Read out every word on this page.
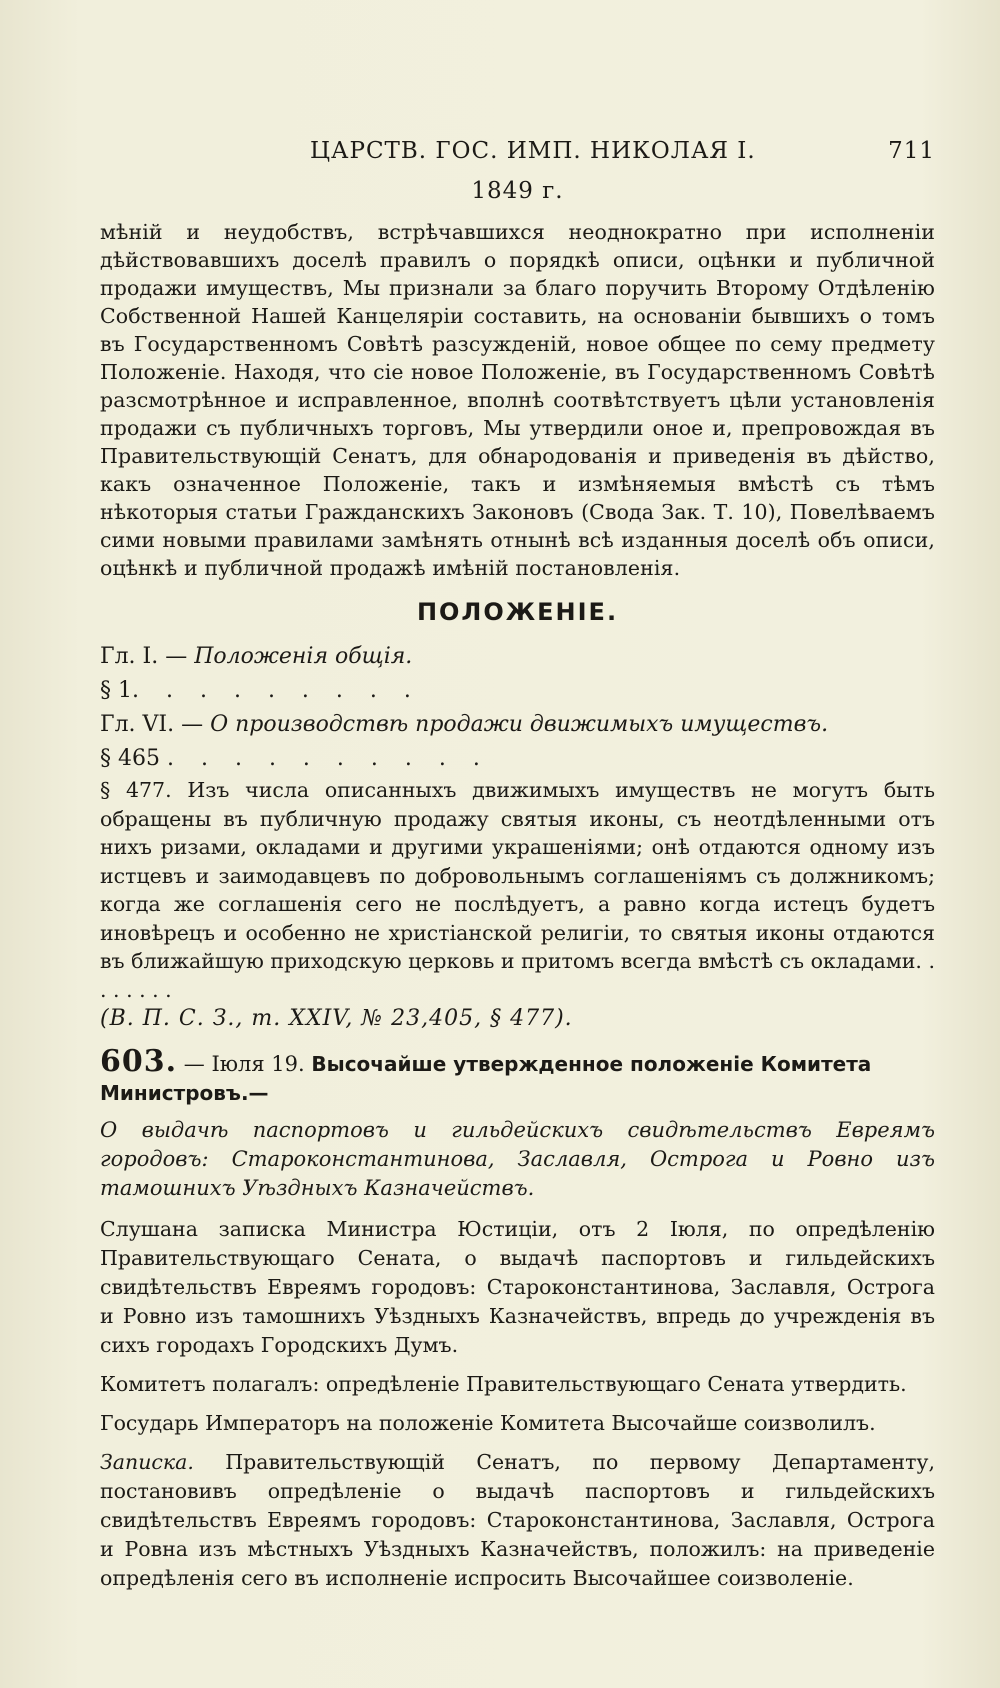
ЦАРСТВ. ГОС. ИМП. НИКОЛАЯ I.	711
1849 г.

мѣній и неудобствъ, встрѣчавшихся неоднократно при исполненіи дѣйствовавшихъ доселѣ правилъ о порядкѣ описи, оцѣнки и публичной продажи имуществъ, Мы признали за благо поручить Второму Отдѣленію Собственной Нашей Канцеляріи составить, на основаніи бывшихъ о томъ въ Государственномъ Совѣтѣ разсужденій, новое общее по сему предмету Положеніе. Находя, что сіе новое Положеніе, въ Государственномъ Совѣтѣ разсмотрѣнное и исправленное, вполнѣ соотвѣтствуетъ цѣли установленія продажи съ публичныхъ торговъ, Мы утвердили оное и, препровождая въ Правительствующій Сенатъ, для обнародованія и приведенія въ дѣйство, какъ означенное Положеніе, такъ и измѣняемыя вмѣстѣ съ тѣмъ нѣкоторыя статьи Гражданскихъ Законовъ (Свода Зак. Т. 10), Повелѣваемъ сими новыми правилами замѣнять отнынѣ всѣ изданныя доселѣ объ описи, оцѣнкѣ и публичной продажѣ имѣній постановленія.

ПОЛОЖЕНІЕ.

Гл. I. — Положенія общія.

§ 1. . . . . . . . .

Гл. VI. — О производствѣ продажи движимыхъ имуществъ.

§ 465 . . . . . . . . . .

§ 477. Изъ числа описанныхъ движимыхъ имуществъ не могутъ быть обращены въ публичную продажу святыя иконы, съ неотдѣленными отъ нихъ ризами, окладами и другими украшеніями; онѣ отдаются одному изъ истцевъ и заимодавцевъ по добровольнымъ соглашеніямъ съ должникомъ; когда же соглашенія сего не послѣдуетъ, а равно когда истецъ будетъ иновѣрецъ и особенно не христіанской религіи, то святыя иконы отдаются въ ближайшую приходскую церковь и притомъ всегда вмѣстѣ съ окладами. . . . . . . .

(В. П. С. З., т. XXIV, № 23,405, § 477).

603. — Іюля 19. Высочайше утвержденное положеніе Комитета Министровъ.—

О выдачѣ паспортовъ и гильдейскихъ свидѣтельствъ Евреямъ городовъ: Староконстантинова, Заславля, Острога и Ровно изъ тамошнихъ Уѣздныхъ Казначействъ.

Слушана записка Министра Юстиціи, отъ 2 Іюля, по опредѣленію Правительствующаго Сената, о выдачѣ паспортовъ и гильдейскихъ свидѣтельствъ Евреямъ городовъ: Староконстантинова, Заславля, Острога и Ровно изъ тамошнихъ Уѣздныхъ Казначействъ, впредь до учрежденія въ сихъ городахъ Городскихъ Думъ.

Комитетъ полагалъ: опредѣленіе Правительствующаго Сената утвердить.

Государь Императоръ на положеніе Комитета Высочайше соизволилъ.

Записка. Правительствующій Сенатъ, по первому Департаменту, постановивъ опредѣленіе о выдачѣ паспортовъ и гильдейскихъ свидѣтельствъ Евреямъ городовъ: Староконстантинова, Заславля, Острога и Ровна изъ мѣстныхъ Уѣздныхъ Казначействъ, положилъ: на приведеніе опредѣленія сего въ исполненіе испросить Высочайшее соизволеніе.
